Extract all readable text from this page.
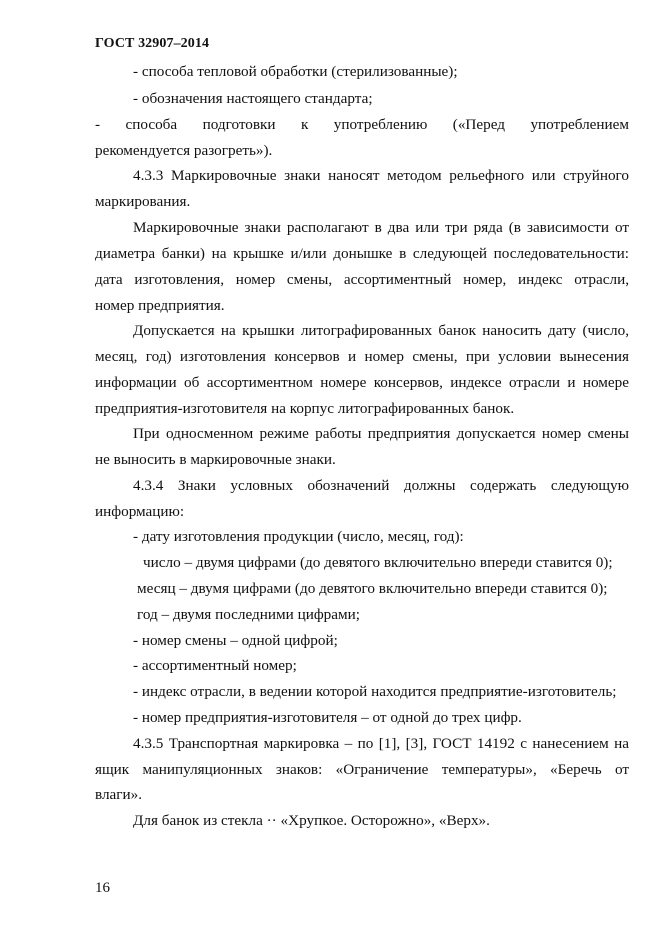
ГОСТ 32907–2014
- способа тепловой обработки (стерилизованные);
- обозначения настоящего стандарта;
- способа подготовки к употреблению («Перед употреблением
рекомендуется разогреть»).
4.3.3 Маркировочные знаки наносят методом рельефного или струйного
маркирования.
Маркировочные знаки располагают в два или три ряда (в зависимости от
диаметра банки) на крышке и/или донышке в следующей последовательности:
дата изготовления, номер смены, ассортиментный номер, индекс отрасли,
номер предприятия.
Допускается на крышки литографированных банок наносить дату (число,
месяц, год) изготовления консервов и номер смены, при условии вынесения
информации об ассортиментном номере консервов, индексе отрасли и номере
предприятия-изготовителя на корпус литографированных банок.
При односменном режиме работы предприятия допускается номер смены
не выносить в маркировочные знаки.
4.3.4 Знаки условных обозначений должны содержать следующую
информацию:
- дату изготовления продукции (число, месяц, год):
число – двумя цифрами (до девятого включительно впереди ставится 0);
месяц – двумя цифрами (до девятого включительно впереди ставится 0);
год – двумя последними цифрами;
- номер смены – одной цифрой;
- ассортиментный номер;
- индекс отрасли, в ведении которой находится предприятие-изготовитель;
- номер предприятия-изготовителя – от одной до трех цифр.
4.3.5 Транспортная маркировка – по [1], [3], ГОСТ 14192 с нанесением на
ящик манипуляционных знаков: «Ограничение температуры», «Беречь от
влаги».
Для банок из стекла ·· «Хрупкое. Осторожно», «Верх».
16
